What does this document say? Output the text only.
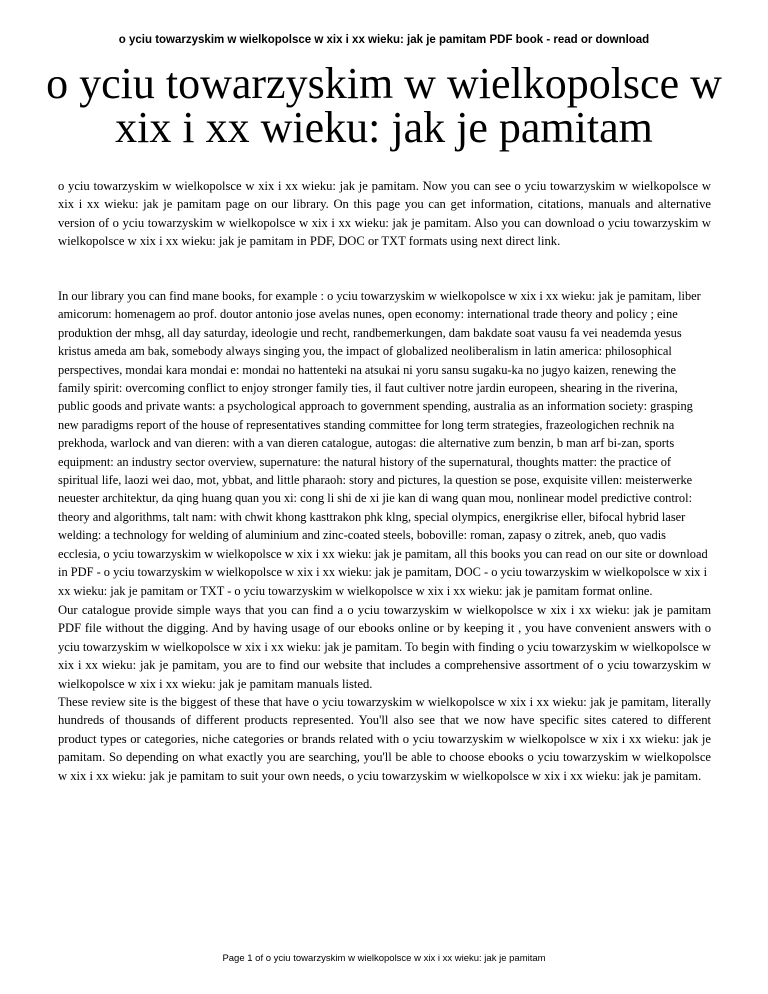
o yciu towarzyskim w wielkopolsce w xix i xx wieku: jak je pamitam PDF book - read or download
o yciu towarzyskim w wielkopolsce w xix i xx wieku: jak je pamitam

o yciu towarzyskim w wielkopolsce w xix i xx wieku: jak je pamitam. Now you can see o yciu towarzyskim w wielkopolsce w xix i xx wieku: jak je pamitam page on our library. On this page you can get information, citations, manuals and alternative version of o yciu towarzyskim w wielkopolsce w xix i xx wieku: jak je pamitam. Also you can download o yciu towarzyskim w wielkopolsce w xix i xx wieku: jak je pamitam in PDF, DOC or TXT formats using next direct link.

In our library you can find mane books, for example : o yciu towarzyskim w wielkopolsce w xix i xx wieku: jak je pamitam, liber amicorum: homenagem ao prof. doutor antonio jose avelas nunes, open economy: international trade theory and policy ; eine produktion der mhsg, all day saturday, ideologie und recht, randbemerkungen, dam bakdate soat vausu fa vei neademda yesus kristus ameda am bak, somebody always singing you, the impact of globalized neoliberalism in latin america: philosophical perspectives, mondai kara mondai e: mondai no hattenteki na atsukai ni yoru sansu sugaku-ka no jugyo kaizen, renewing the family spirit: overcoming conflict to enjoy stronger family ties, il faut cultiver notre jardin europeen, shearing in the riverina, public goods and private wants: a psychological approach to government spending, australia as an information society: grasping new paradigms report of the house of representatives standing committee for long term strategies, frazeologichen rechnik na prekhoda, warlock and van dieren: with a van dieren catalogue, autogas: die alternative zum benzin, b man arf bi-zan, sports equipment: an industry sector overview, supernature: the natural history of the supernatural, thoughts matter: the practice of spiritual life, laozi wei dao, mot, ybbat, and little pharaoh: story and pictures, la question se pose, exquisite villen: meisterwerke neuester architektur, da qing huang quan you xi: cong li shi de xi jie kan di wang quan mou, nonlinear model predictive control: theory and algorithms, talt nam: with chwit khong kasttrakon phk klng, special olympics, energikrise eller, bifocal hybrid laser welding: a technology for welding of aluminium and zinc-coated steels, boboville: roman, zapasy o zitrek, aneb, quo vadis ecclesia, o yciu towarzyskim w wielkopolsce w xix i xx wieku: jak je pamitam, all this books you can read on our site or download in PDF - o yciu towarzyskim w wielkopolsce w xix i xx wieku: jak je pamitam, DOC - o yciu towarzyskim w wielkopolsce w xix i xx wieku: jak je pamitam or TXT - o yciu towarzyskim w wielkopolsce w xix i xx wieku: jak je pamitam format online.

Our catalogue provide simple ways that you can find a o yciu towarzyskim w wielkopolsce w xix i xx wieku: jak je pamitam PDF file without the digging. And by having usage of our ebooks online or by keeping it , you have convenient answers with o yciu towarzyskim w wielkopolsce w xix i xx wieku: jak je pamitam. To begin with finding o yciu towarzyskim w wielkopolsce w xix i xx wieku: jak je pamitam, you are to find our website that includes a comprehensive assortment of o yciu towarzyskim w wielkopolsce w xix i xx wieku: jak je pamitam manuals listed.

These review site is the biggest of these that have o yciu towarzyskim w wielkopolsce w xix i xx wieku: jak je pamitam, literally hundreds of thousands of different products represented. You'll also see that we now have specific sites catered to different product types or categories, niche categories or brands related with o yciu towarzyskim w wielkopolsce w xix i xx wieku: jak je pamitam. So depending on what exactly you are searching, you'll be able to choose ebooks o yciu towarzyskim w wielkopolsce w xix i xx wieku: jak je pamitam to suit your own needs, o yciu towarzyskim w wielkopolsce w xix i xx wieku: jak je pamitam.

Page 1 of o yciu towarzyskim w wielkopolsce w xix i xx wieku: jak je pamitam
